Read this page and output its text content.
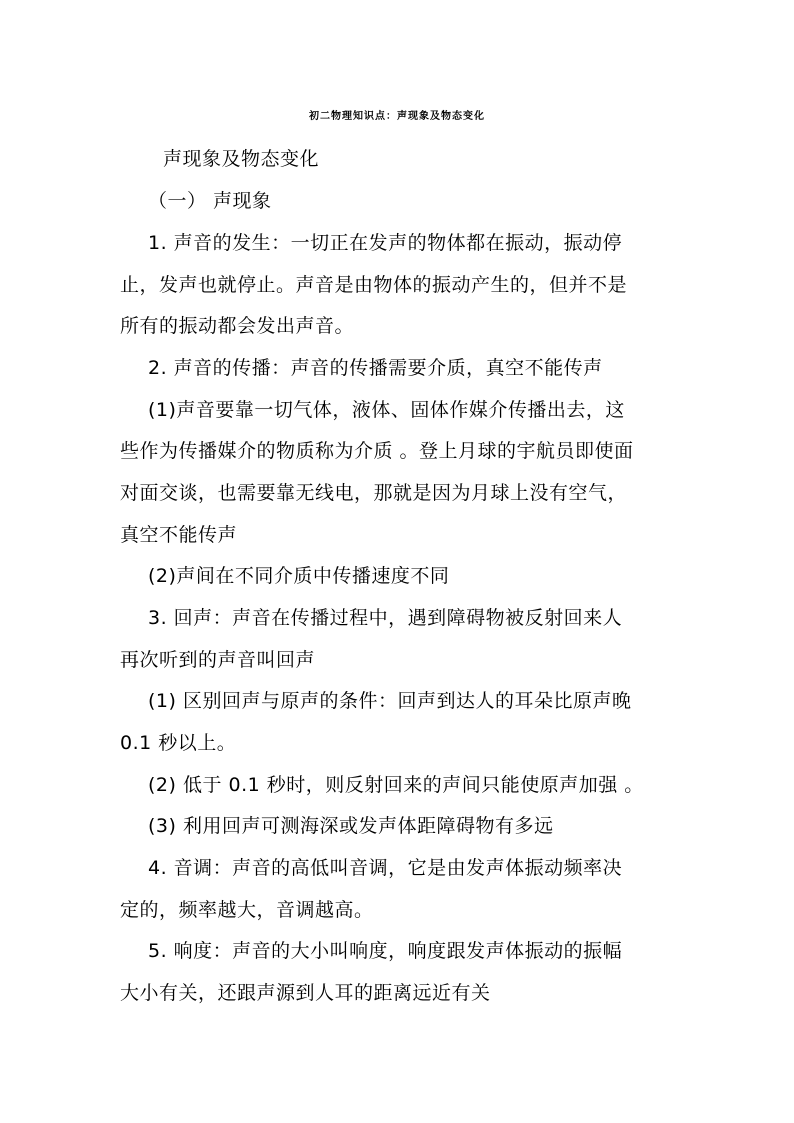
初二物理知识点：声现象及物态变化
声现象及物态变化
（一） 声现象
1. 声音的发生：一切正在发声的物体都在振动，振动停
止，发声也就停止。声音是由物体的振动产生的，但并不是
所有的振动都会发出声音。
2. 声音的传播：声音的传播需要介质，真空不能传声
(1)声音要靠一切气体，液体、固体作媒介传播出去，这
些作为传播媒介的物质称为介质 。登上月球的宇航员即使面
对面交谈，也需要靠无线电，那就是因为月球上没有空气，
真空不能传声
(2)声间在不同介质中传播速度不同
3. 回声：声音在传播过程中，遇到障碍物被反射回来人
再次听到的声音叫回声
(1) 区别回声与原声的条件：回声到达人的耳朵比原声晚
0.1 秒以上。
(2) 低于 0.1 秒时，则反射回来的声间只能使原声加强 。
(3) 利用回声可测海深或发声体距障碍物有多远
4. 音调：声音的高低叫音调，它是由发声体振动频率决
定的，频率越大，音调越高。
5. 响度：声音的大小叫响度，响度跟发声体振动的振幅
大小有关，还跟声源到人耳的距离远近有关
